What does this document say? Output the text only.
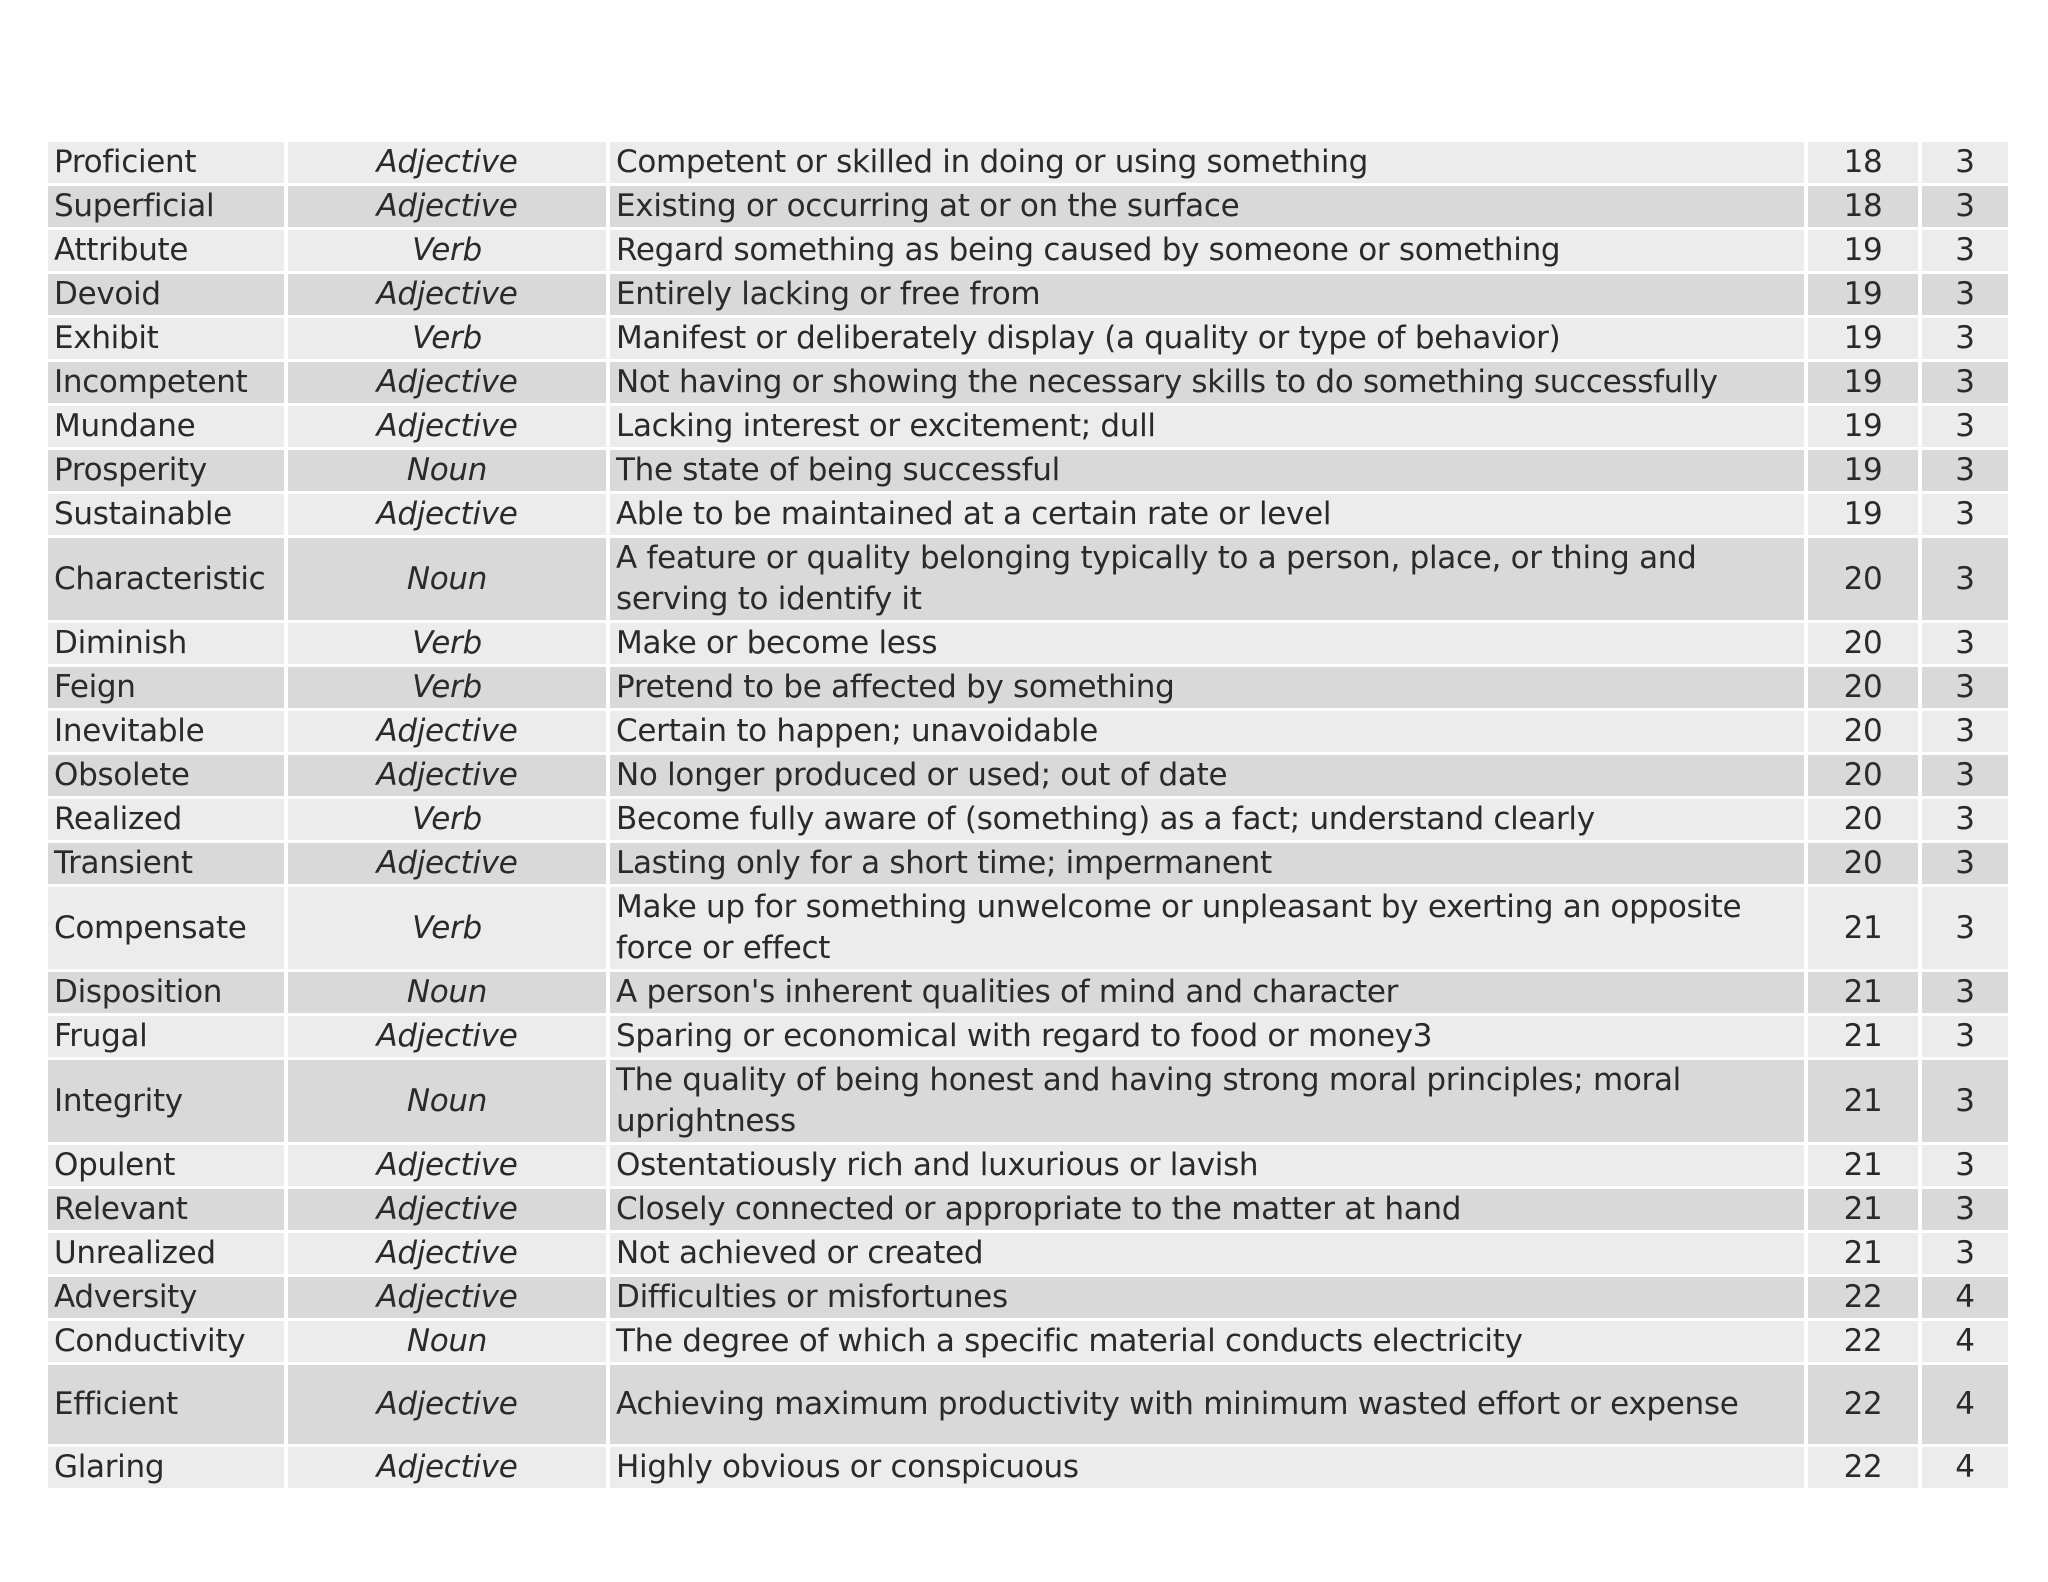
Proficient	Adjective	Competent or skilled in doing or using something	18	3
Superficial	Adjective	Existing or occurring at or on the surface	18	3
Attribute	Verb	Regard something as being caused by someone or something	19	3
Devoid	Adjective	Entirely lacking or free from	19	3
Exhibit	Verb	Manifest or deliberately display (a quality or type of behavior)	19	3
Incompetent	Adjective	Not having or showing the necessary skills to do something successfully	19	3
Mundane	Adjective	Lacking interest or excitement; dull	19	3
Prosperity	Noun	The state of being successful	19	3
Sustainable	Adjective	Able to be maintained at a certain rate or level	19	3
Characteristic	Noun	A feature or quality belonging typically to a person, place, or thing and serving to identify it	20	3
Diminish	Verb	Make or become less	20	3
Feign	Verb	Pretend to be affected by something	20	3
Inevitable	Adjective	Certain to happen; unavoidable	20	3
Obsolete	Adjective	No longer produced or used; out of date	20	3
Realized	Verb	Become fully aware of (something) as a fact; understand clearly	20	3
Transient	Adjective	Lasting only for a short time; impermanent	20	3
Compensate	Verb	Make up for something unwelcome or unpleasant by exerting an opposite force or effect	21	3
Disposition	Noun	A person's inherent qualities of mind and character	21	3
Frugal	Adjective	Sparing or economical with regard to food or money3	21	3
Integrity	Noun	The quality of being honest and having strong moral principles; moral uprightness	21	3
Opulent	Adjective	Ostentatiously rich and luxurious or lavish	21	3
Relevant	Adjective	Closely connected or appropriate to the matter at hand	21	3
Unrealized	Adjective	Not achieved or created	21	3
Adversity	Adjective	Difficulties or misfortunes	22	4
Conductivity	Noun	The degree of which a specific material conducts electricity	22	4
Efficient	Adjective	Achieving maximum productivity with minimum wasted effort or expense	22	4
Glaring	Adjective	Highly obvious or conspicuous	22	4
